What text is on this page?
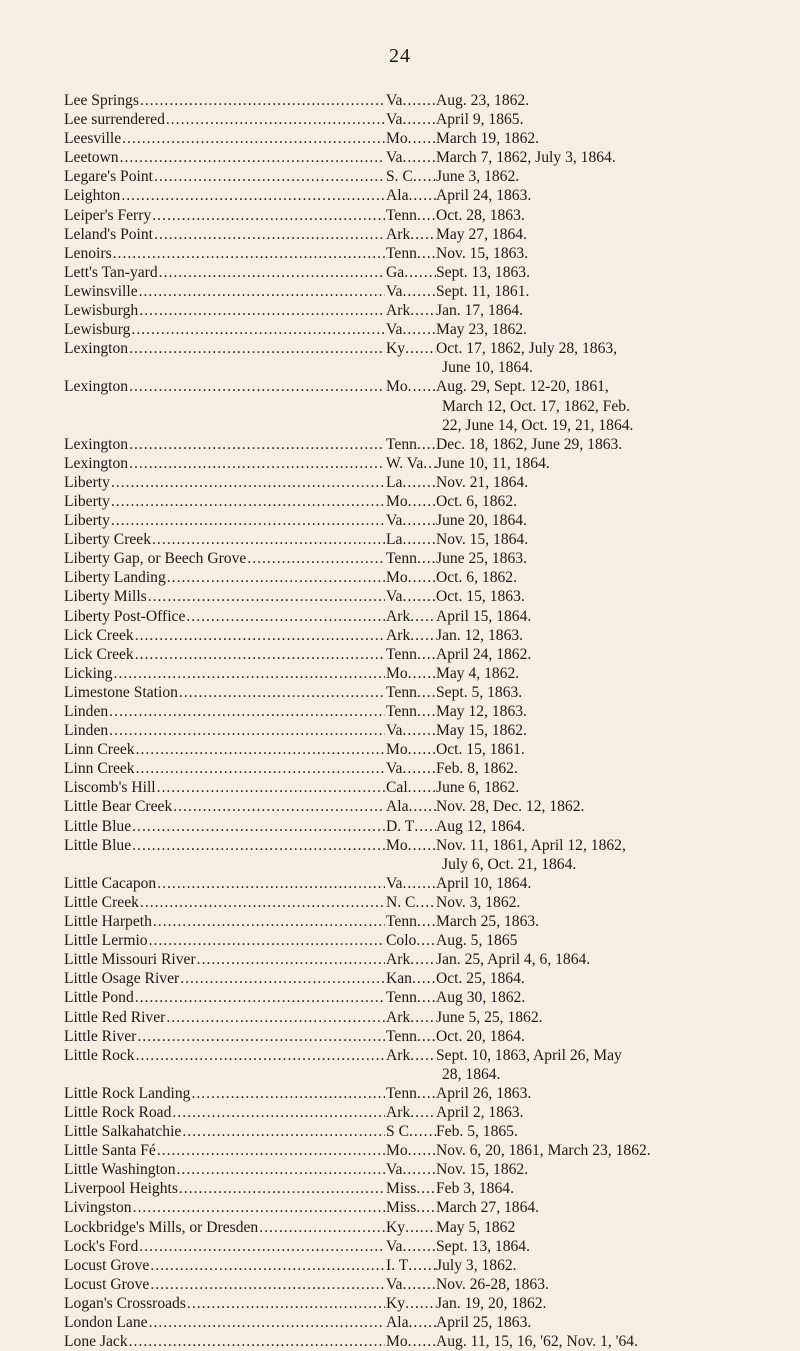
24
Lee Springs .....	Va ..... Aug. 23, 1862.
Lee surrendered .....	Va ..... April 9, 1865.
Leesville .....	Mo ..... March 19, 1862.
Leetown .....	Va ..... March 7, 1862, July 3, 1864.
Legare's Point .....	S. C ..... June 3, 1862.
Leighton .....	Ala ..... April 24, 1863.
Leiper's Ferry .....	Tenn ..... Oct. 28, 1863.
Leland's Point .....	Ark ..... May 27, 1864.
Lenoirs .....	Tenn ..... Nov. 15, 1863.
Lett's Tan-yard .....	Ga ..... Sept. 13, 1863.
Lewinsville .....	Va ..... Sept. 11, 1861.
Lewisburgh .....	Ark ..... Jan. 17, 1864.
Lewisburg .....	Va ..... May 23, 1862.
Lexington .....	Ky ..... Oct. 17, 1862, July 28, 1863,
June 10, 1864.
Lexington .....	Mo ..... Aug. 29, Sept. 12-20, 1861,
March 12, Oct. 17, 1862, Feb.
22, June 14, Oct. 19, 21, 1864.
Lexington .....	Tenn ..... Dec. 18, 1862, June 29, 1863.
Lexington .....	W. Va ..... June 10, 11, 1864.
Liberty .....	La ..... Nov. 21, 1864.
Liberty .....	Mo ..... Oct. 6, 1862.
Liberty .....	Va ..... June 20, 1864.
Liberty Creek .....	La ..... Nov. 15, 1864.
Liberty Gap, or Beech Grove .....	Tenn ..... June 25, 1863.
Liberty Landing .....	Mo ..... Oct. 6, 1862.
Liberty Mills .....	Va ..... Oct. 15, 1863.
Liberty Post-Office .....	Ark ..... April 15, 1864.
Lick Creek .....	Ark ..... Jan. 12, 1863.
Lick Creek .....	Tenn ..... April 24, 1862.
Licking .....	Mo ..... May 4, 1862.
Limestone Station .....	Tenn ..... Sept. 5, 1863.
Linden .....	Tenn ..... May 12, 1863.
Linden .....	Va ..... May 15, 1862.
Linn Creek .....	Mo ..... Oct. 15, 1861.
Linn Creek .....	Va ..... Feb. 8, 1862.
Liscomb's Hill .....	Cal ..... June 6, 1862.
Little Bear Creek .....	Ala ..... Nov. 28, Dec. 12, 1862.
Little Blue .....	D. T ..... Aug 12, 1864.
Little Blue .....	Mo ..... Nov. 11, 1861, April 12, 1862,
July 6, Oct. 21, 1864.
Little Cacapon .....	Va ..... April 10, 1864.
Little Creek .....	N. C ..... Nov. 3, 1862.
Little Harpeth .....	Tenn ..... March 25, 1863.
Little Lermio .....	Colo ..... Aug. 5, 1865
Little Missouri River .....	Ark ..... Jan. 25, April 4, 6, 1864.
Little Osage River .....	Kan ..... Oct. 25, 1864.
Little Pond .....	Tenn ..... Aug 30, 1862.
Little Red River .....	Ark ..... June 5, 25, 1862.
Little River .....	Tenn ..... Oct. 20, 1864.
Little Rock .....	Ark ..... Sept. 10, 1863, April 26, May
28, 1864.
Little Rock Landing .....	Tenn ..... April 26, 1863.
Little Rock Road .....	Ark ..... April 2, 1863.
Little Salkahatchie .....	S C ..... Feb. 5, 1865.
Little Santa Fé .....	Mo ..... Nov. 6, 20, 1861, March 23, 1862.
Little Washington .....	Va ..... Nov. 15, 1862.
Liverpool Heights .....	Miss ..... Feb 3, 1864.
Livingston .....	Miss ..... March 27, 1864.
Lockbridge's Mills, or Dresden .....	Ky ..... May 5, 1862
Lock's Ford .....	Va ..... Sept. 13, 1864.
Locust Grove .....	I. T ..... July 3, 1862.
Locust Grove .....	Va ..... Nov. 26-28, 1863.
Logan's Crossroads .....	Ky ..... Jan. 19, 20, 1862.
London Lane .....	Ala ..... April 25, 1863.
Lone Jack .....	Mo ..... Aug. 11, 15, 16, '62, Nov. 1, '64.
